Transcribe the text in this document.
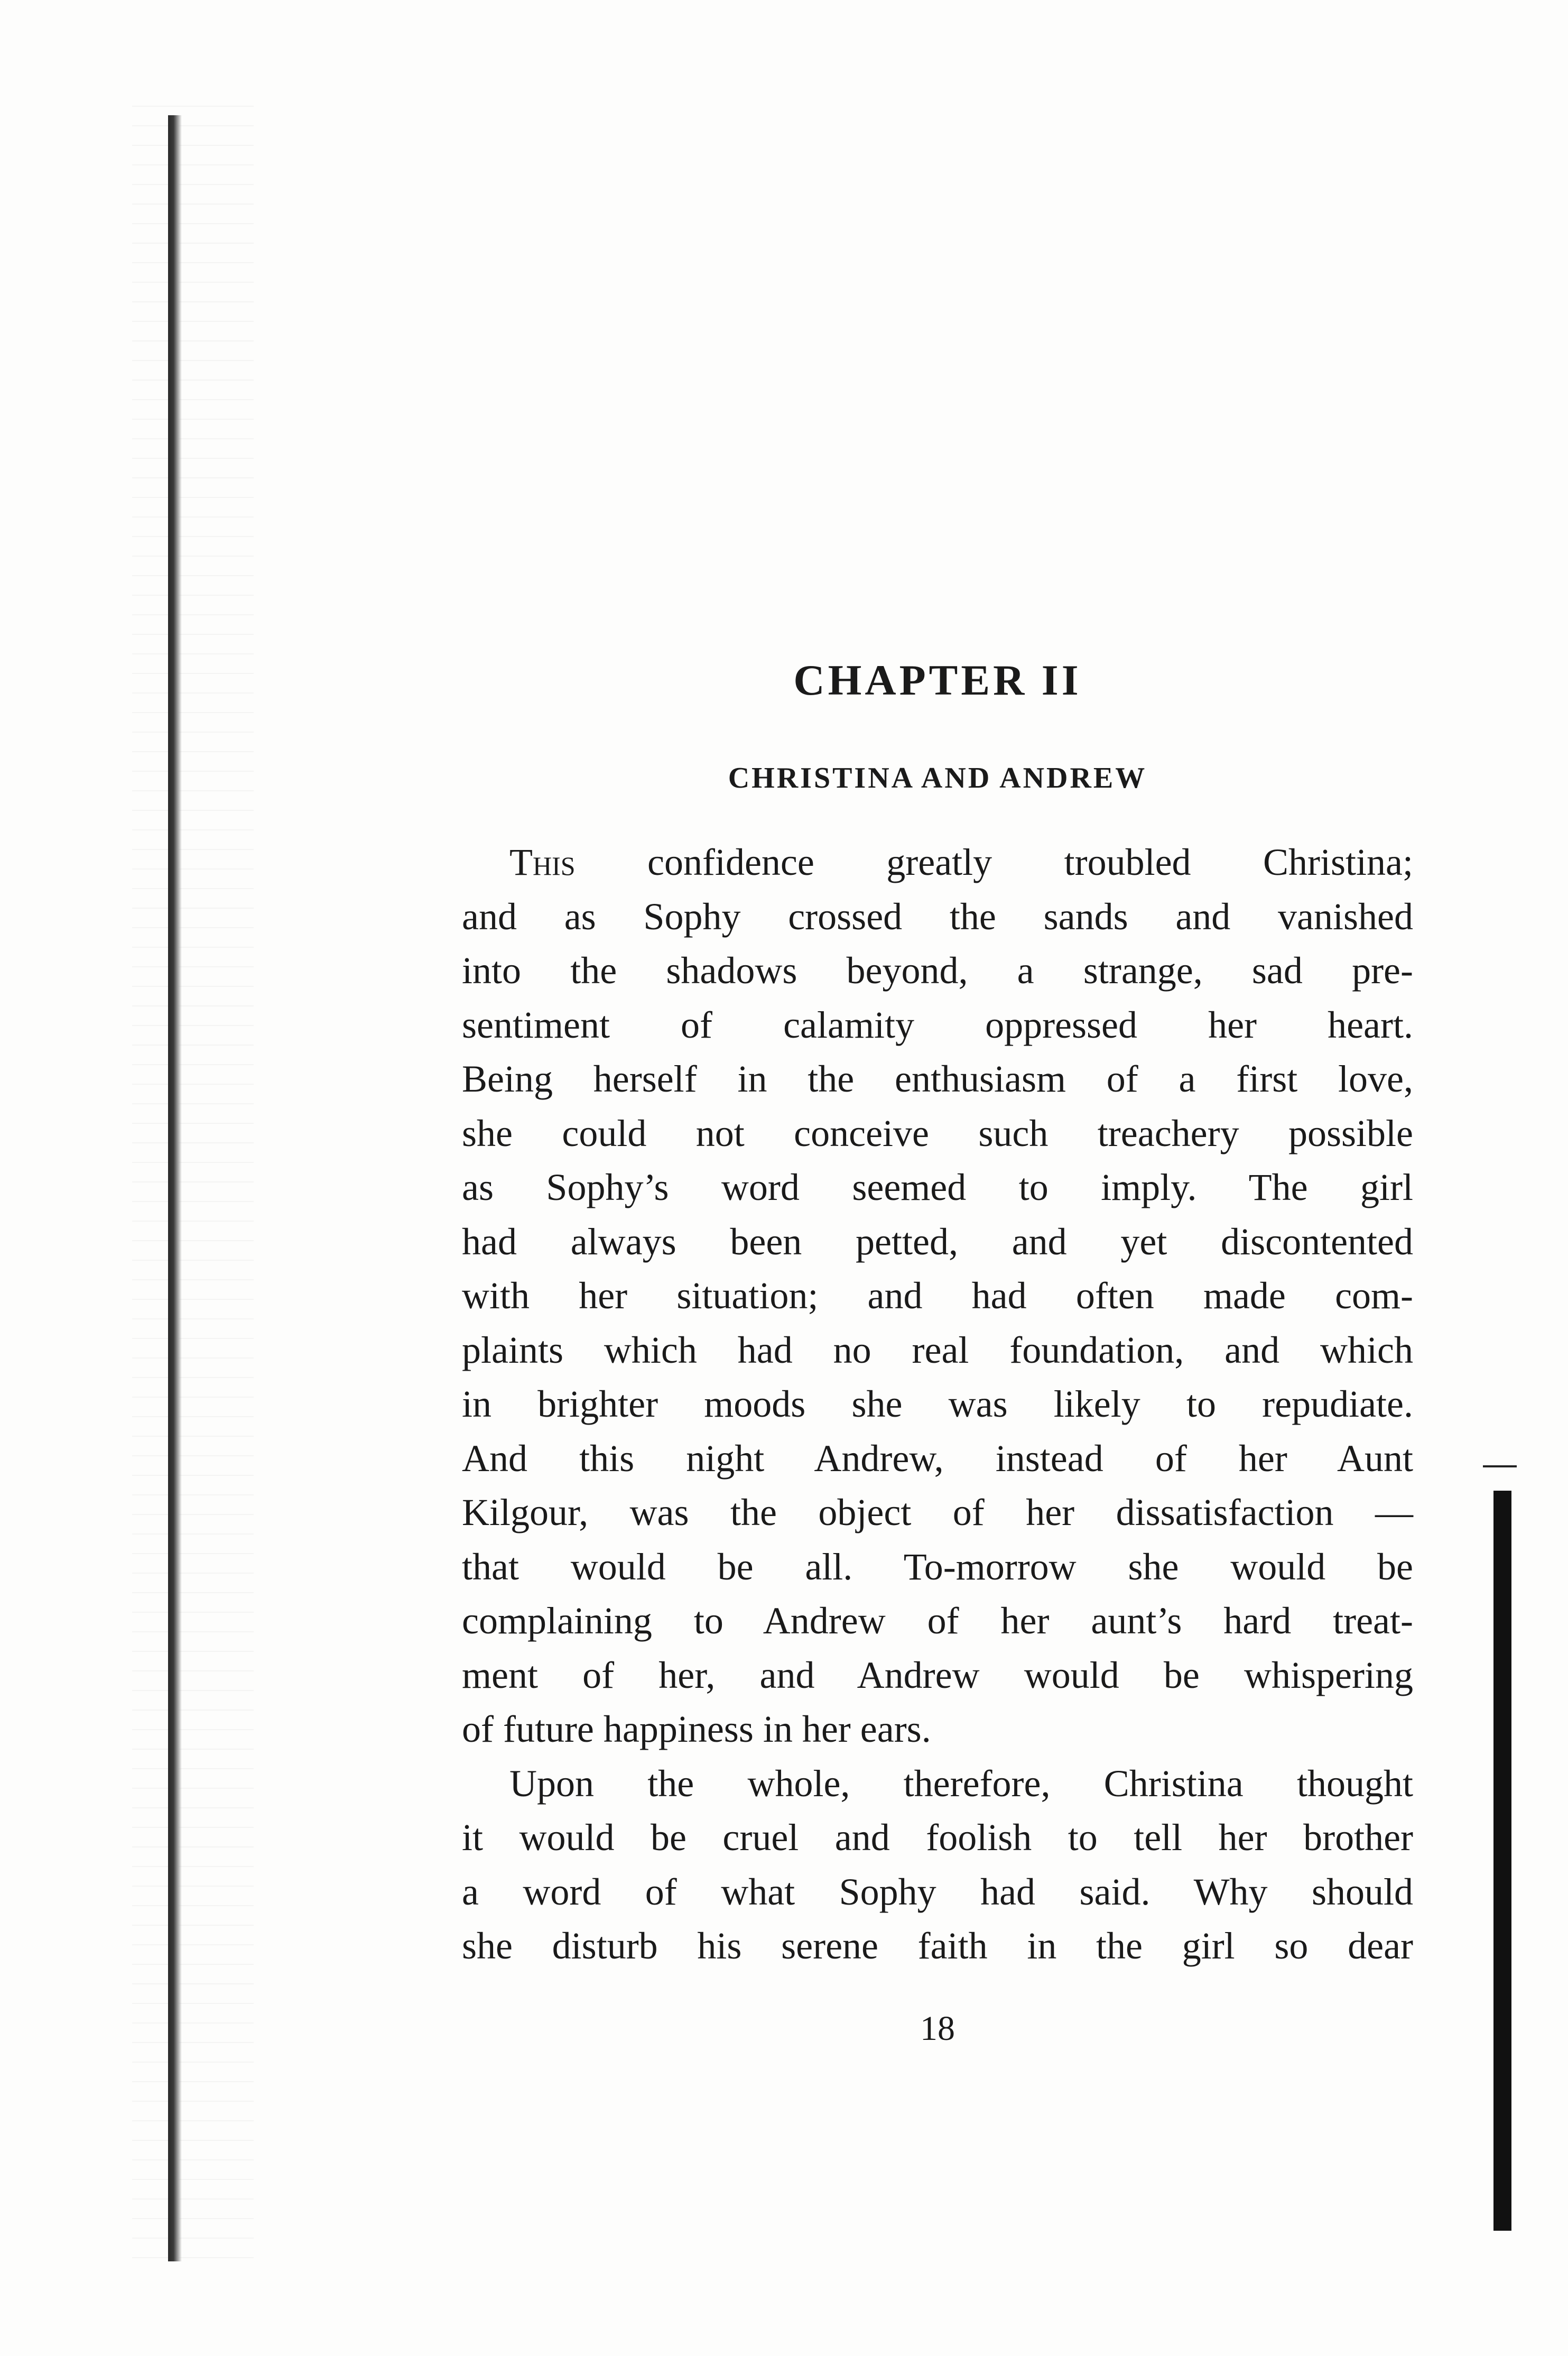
CHAPTER II
CHRISTINA AND ANDREW
This confidence greatly troubled Christina;
and as Sophy crossed the sands and vanished
into the shadows beyond, a strange, sad pre-
sentiment of calamity oppressed her heart.
Being herself in the enthusiasm of a first love,
she could not conceive such treachery possible
as Sophy’s word seemed to imply. The girl
had always been petted, and yet discontented
with her situation; and had often made com-
plaints which had no real foundation, and which
in brighter moods she was likely to repudiate.
And this night Andrew, instead of her Aunt
Kilgour, was the object of her dissatisfaction —
that would be all. To-morrow she would be
complaining to Andrew of her aunt’s hard treat-
ment of her, and Andrew would be whispering
of future happiness in her ears.
Upon the whole, therefore, Christina thought
it would be cruel and foolish to tell her brother
a word of what Sophy had said. Why should
she disturb his serene faith in the girl so dear
18
